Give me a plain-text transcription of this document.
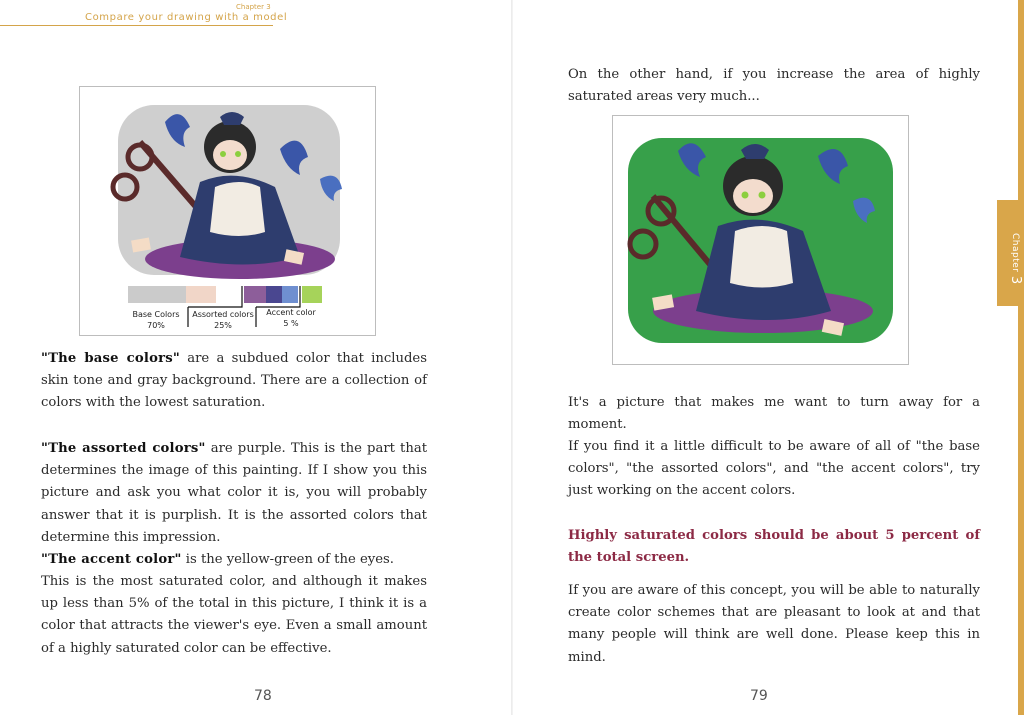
Chapter 3
Compare your drawing with a model
Chapter 3
Base Colors
70%
Assorted colors
25%
Accent color
5 %

"The base colors" are a subdued color that includes skin tone and gray background. There are a collection of colors with the lowest saturation.

"The assorted colors" are purple. This is the part that determines the image of this painting. If I show you this picture and ask you what color it is, you will probably answer that it is purplish. It is the assorted colors that determine this impression.

"The accent color" is the yellow-green of the eyes.

This is the most saturated color, and although it makes up less than 5% of the total in this picture, I think it is a color that attracts the viewer's eye. Even a small amount of a highly saturated color can be effective.

78

On the other hand, if you increase the area of highly saturated areas very much...

It's a picture that makes me want to turn away for a moment.

If you find it a little difficult to be aware of all of "the base colors", "the assorted colors", and "the accent colors", try just working on the accent colors.

Highly saturated colors should be about 5 percent of the total screen.

If you are aware of this concept, you will be able to naturally create color schemes that are pleasant to look at and that many people will think are well done. Please keep this in mind.

79
